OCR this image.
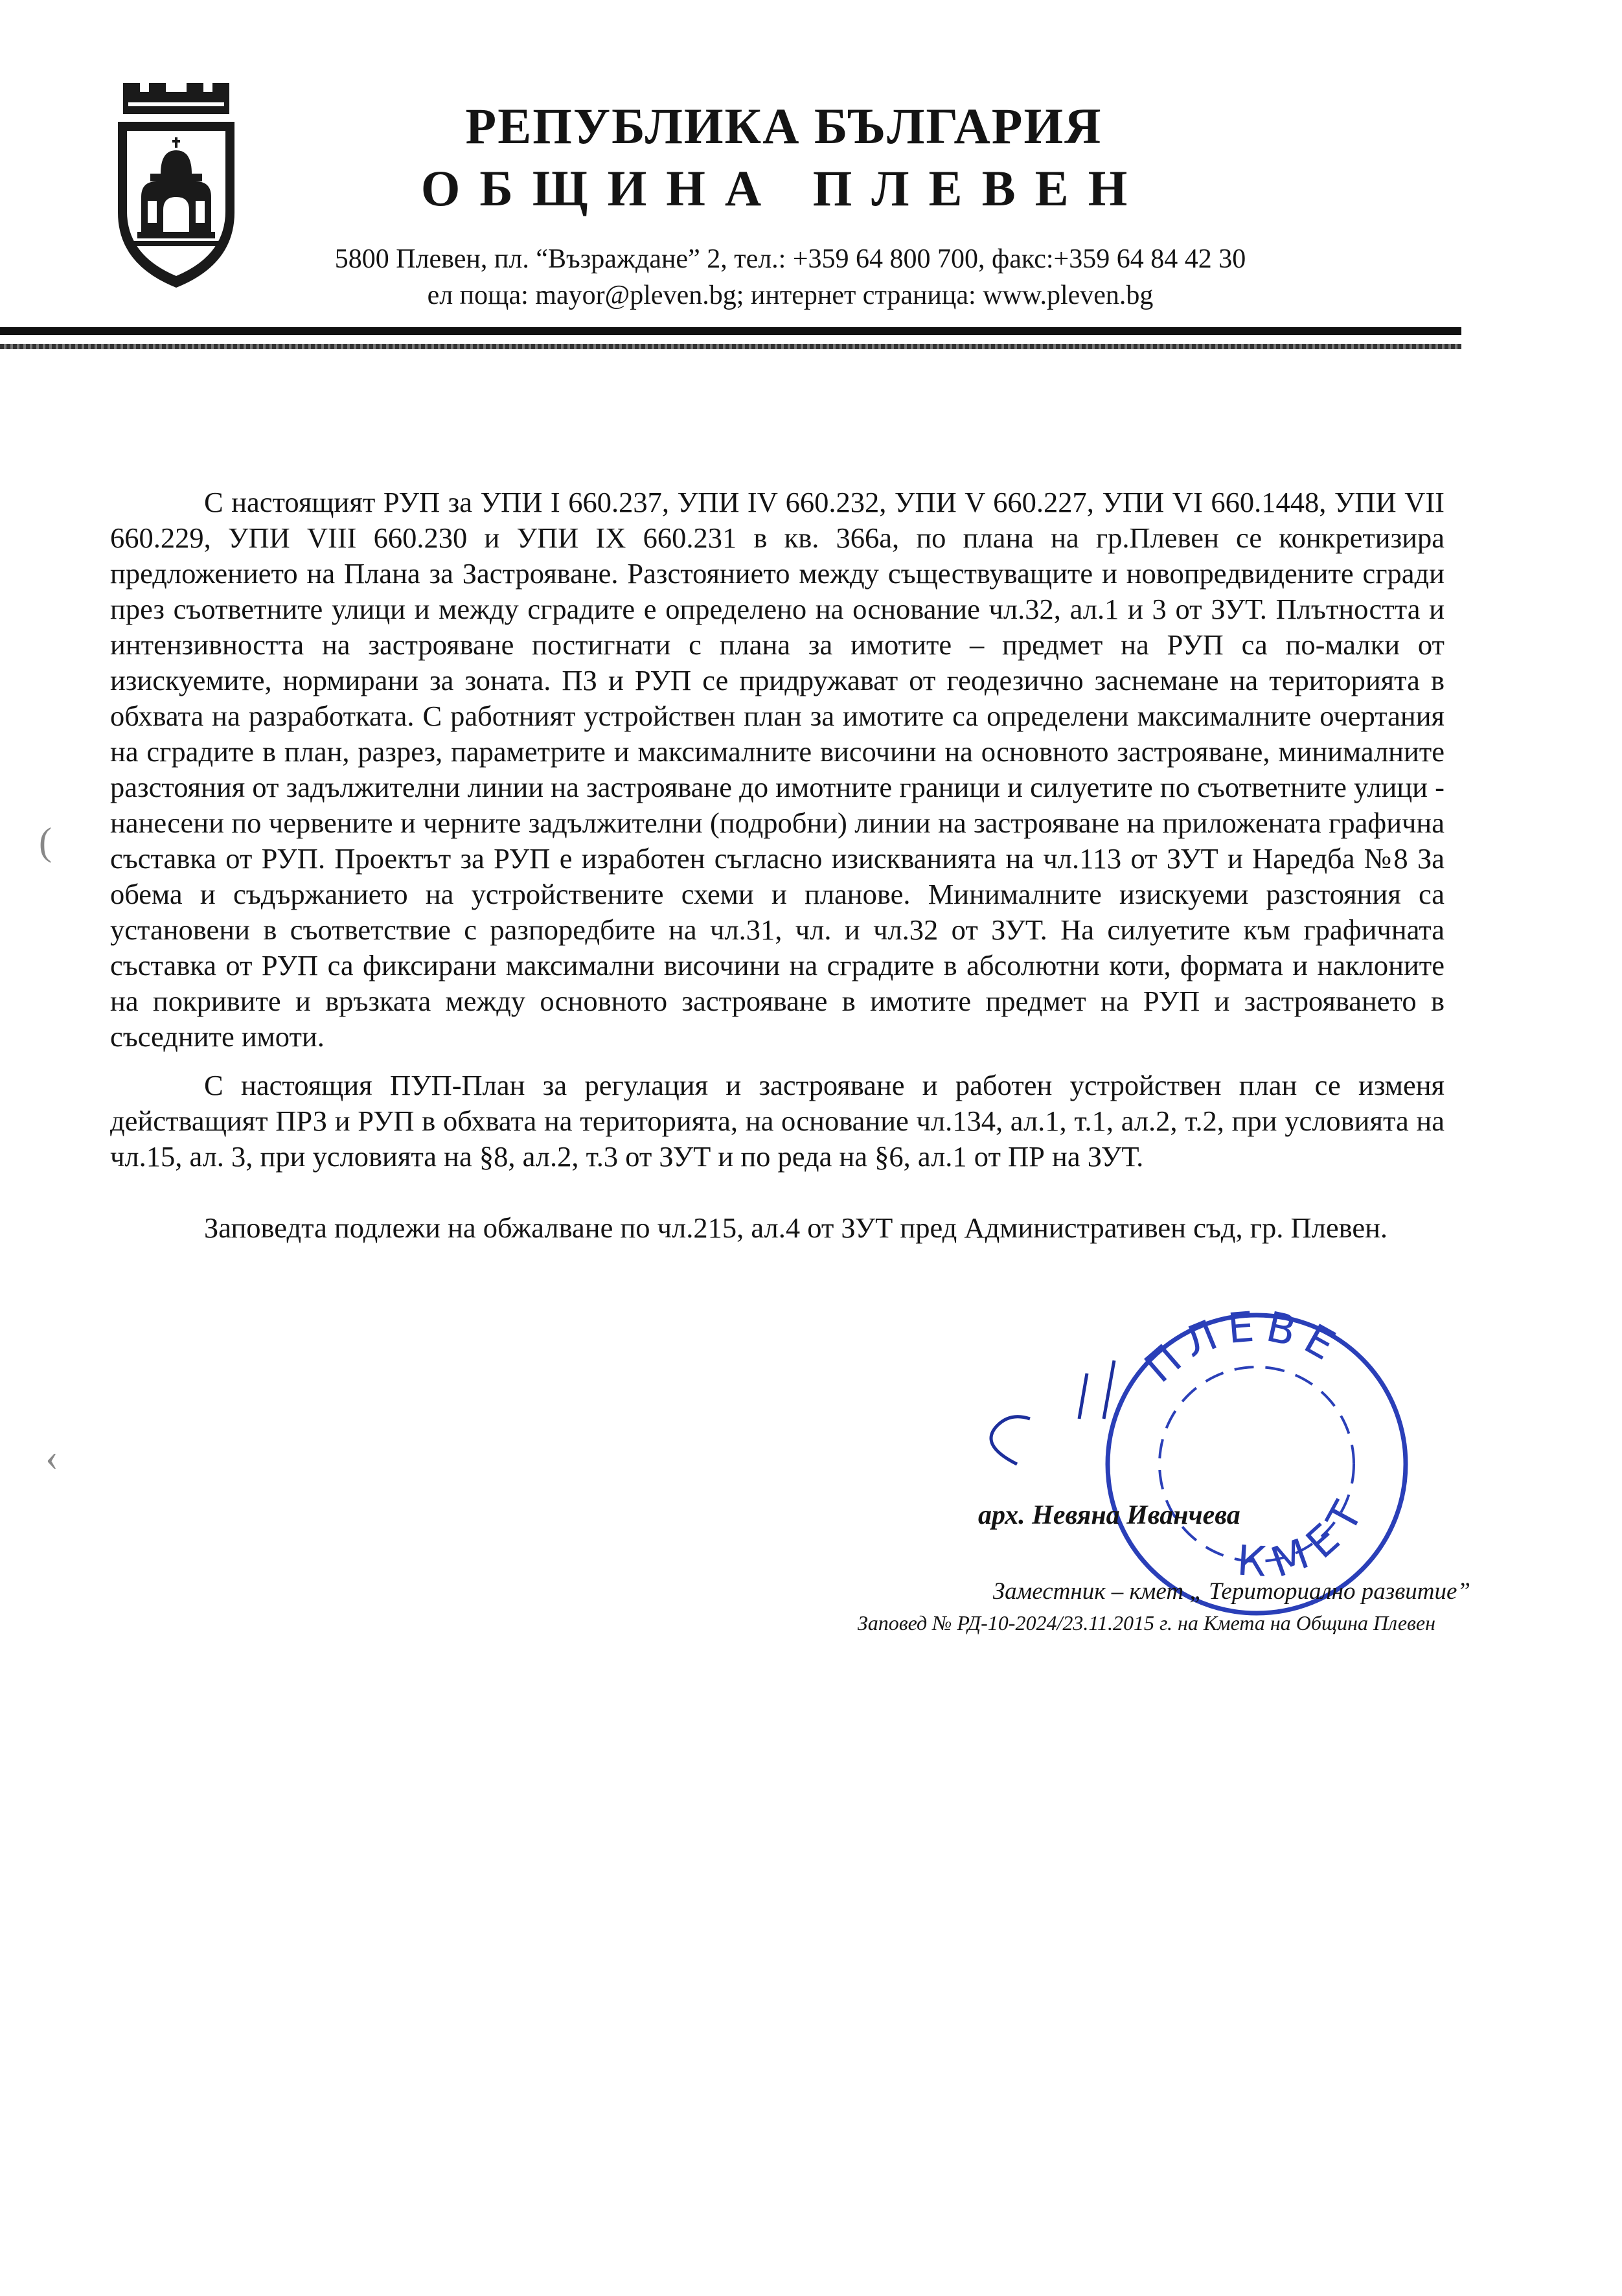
РЕПУБЛИКА БЪЛГАРИЯ
ОБЩИНА ПЛЕВЕН
5800 Плевен, пл. “Възраждане” 2, тел.: +359 64 800 700, факс:+359 64 84 42 30
ел поща: mayor@pleven.bg; интернет страница: www.pleven.bg

С настоящият РУП за УПИ I 660.237, УПИ IV 660.232, УПИ V 660.227, УПИ VI 660.1448, УПИ VII 660.229, УПИ VIII 660.230 и УПИ IX 660.231 в кв. 366а, по плана на гр.Плевен се конкретизира предложението на Плана за Застрояване. Разстоянието между съществуващите и новопредвидените сгради през съответните улици и между сградите е определено на основание чл.32, ал.1 и 3 от ЗУТ. Плътността и интензивността на застрояване постигнати с плана за имотите – предмет на РУП са по-малки от изискуемите, нормирани за зоната. ПЗ и РУП се придружават от геодезично заснемане на територията в обхвата на разработката. С работният устройствен план за имотите са определени максималните очертания на сградите в план, разрез, параметрите и максималните височини на основното застрояване, минималните разстояния от задължителни линии на застрояване до имотните граници и силуетите по съответните улици - нанесени по червените и черните задължителни (подробни) линии на застрояване на приложената графична съставка от РУП. Проектът за РУП е изработен съгласно изискванията на чл.113 от ЗУТ и Наредба №8 За обема и съдържанието на устройствените схеми и планове. Минималните изискуеми разстояния са установени в съответствие с разпоредбите на чл.31, чл. и чл.32 от ЗУТ. На силуетите към графичната съставка от РУП са фиксирани максимални височини на сградите в абсолютни коти, формата и наклоните на покривите и връзката между основното застрояване в имотите предмет на РУП и застрояването в съседните имоти.

С настоящия ПУП-План за регулация и застрояване и работен устройствен план се изменя действащият ПРЗ и РУП в обхвата на територията, на основание чл.134, ал.1, т.1, ал.2, т.2, при условията на чл.15, ал. 3, при условията на §8, ал.2, т.3 от ЗУТ и по реда на §6, ал.1 от ПР на ЗУТ.

Заповедта подлежи на обжалване по чл.215, ал.4 от ЗУТ пред Административен съд, гр. Плевен.

(
‹
ПЛЕВЕ
КМЕТ
арх. Невяна Иванчева
Заместник – кмет „ Териториално развитие”
Заповед № РД-10-2024/23.11.2015 г. на Кмета на Община Плевен
